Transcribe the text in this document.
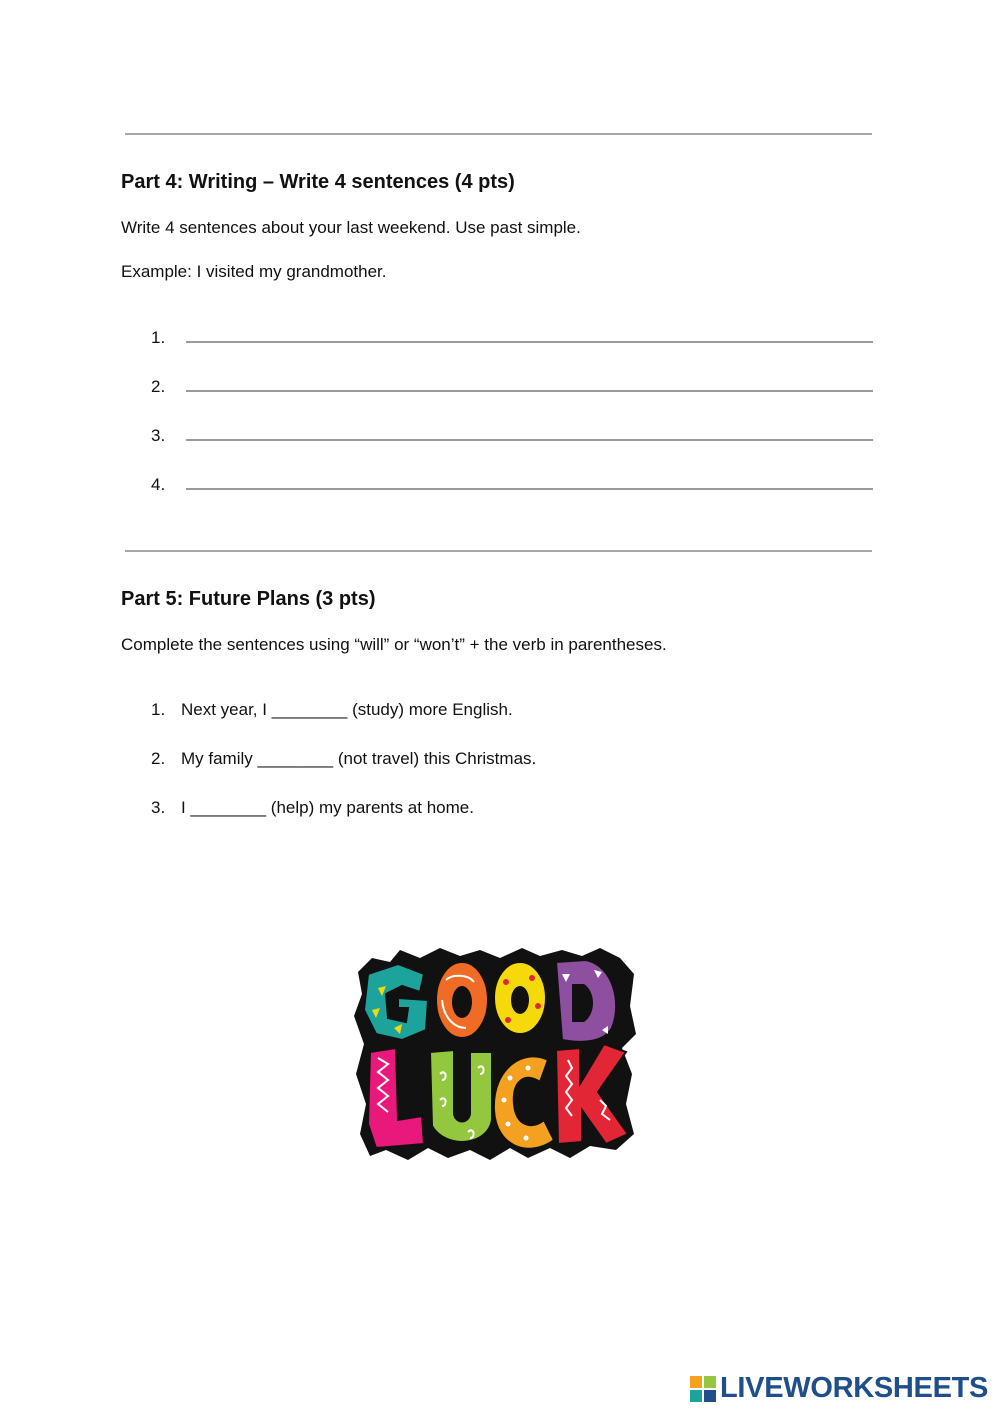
Part 4: Writing – Write 4 sentences (4 pts)

Write 4 sentences about your last weekend. Use past simple.

Example: I visited my grandmother.

1.
2.
3.
4.
Part 5: Future Plans (3 pts)

Complete the sentences using “will” or “won’t” + the verb in parentheses.

1. Next year, I ________ (study) more English.
2. My family ________ (not travel) this Christmas.
3. I ________ (help) my parents at home.
LIVEWORKSHEETS
